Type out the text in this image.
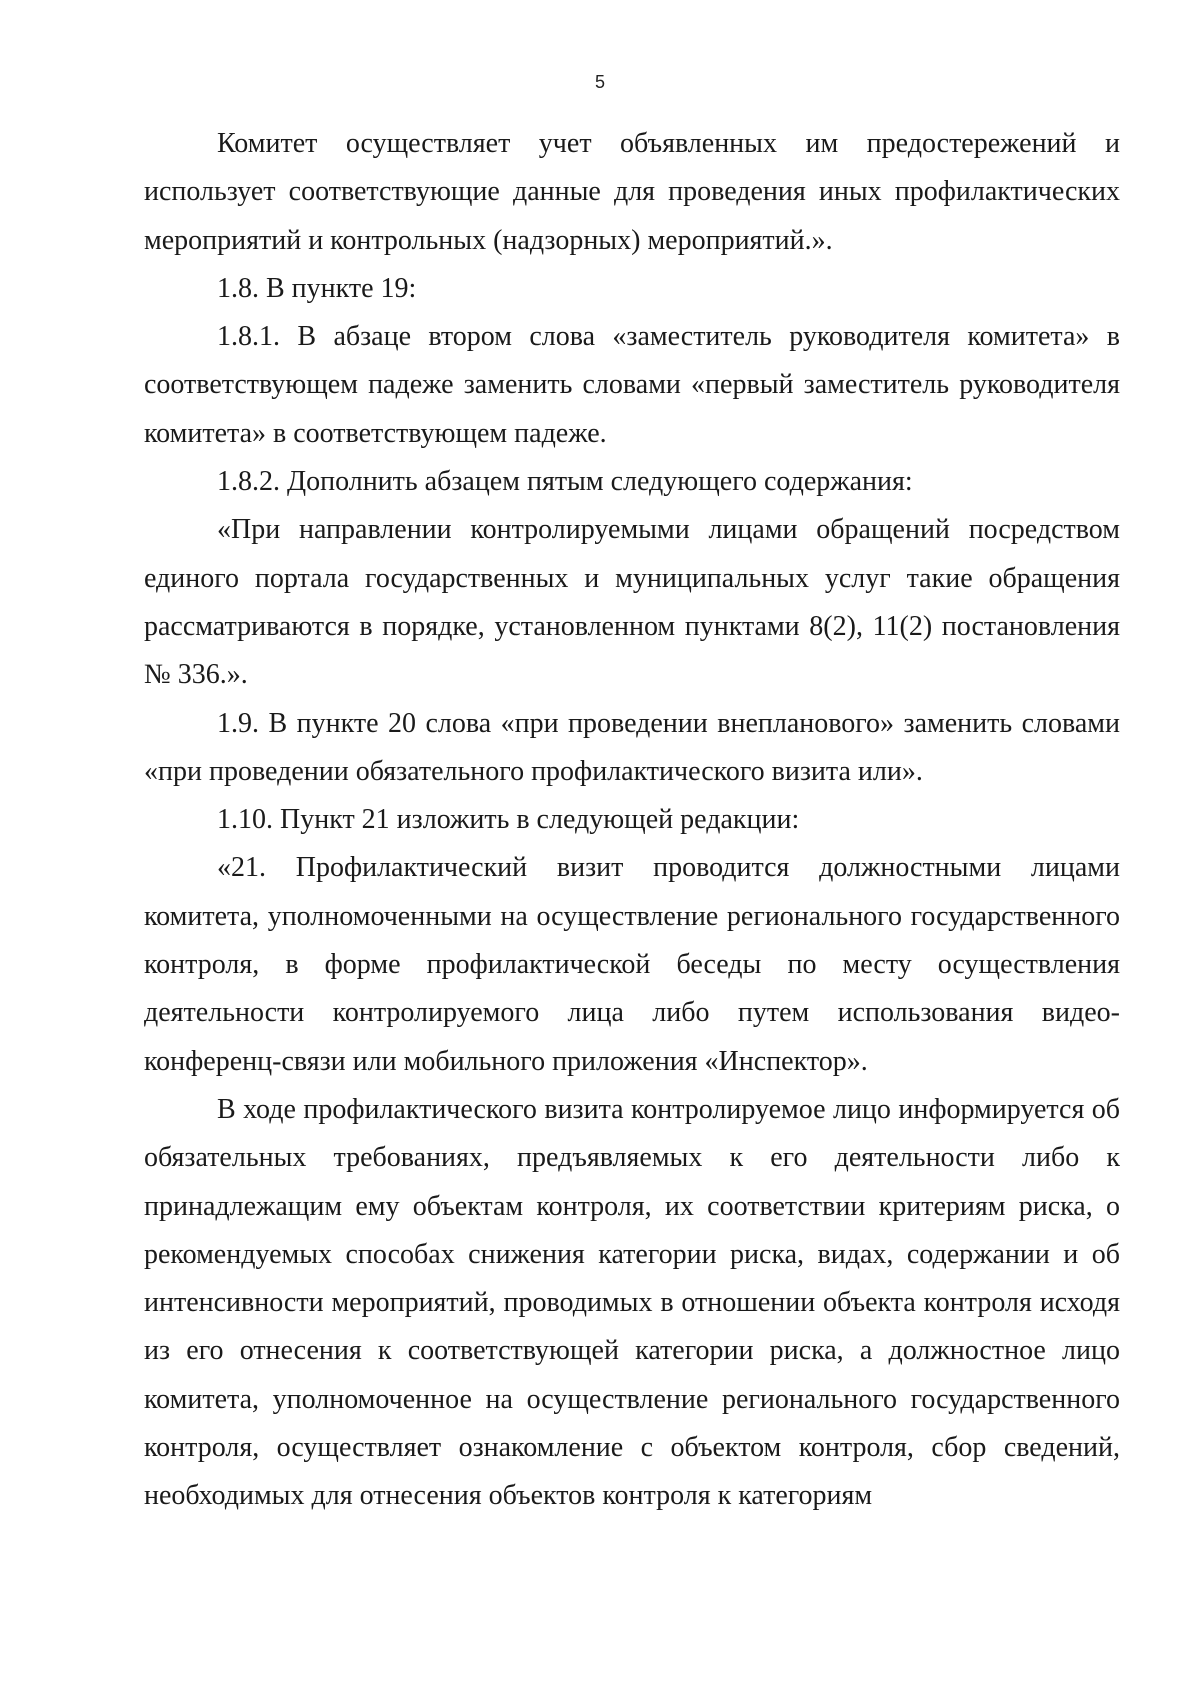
5

Комитет осуществляет учет объявленных им предостережений и использует соответствующие данные для проведения иных профилактических мероприятий и контрольных (надзорных) мероприятий.».

1.8. В пункте 19:

1.8.1. В абзаце втором слова «заместитель руководителя комитета» в соответствующем падеже заменить словами «первый заместитель руководителя комитета» в соответствующем падеже.

1.8.2. Дополнить абзацем пятым следующего содержания:

«При направлении контролируемыми лицами обращений посредством единого портала государственных и муниципальных услуг такие обращения рассматриваются в порядке, установленном пунктами 8(2), 11(2) постановления № 336.».

1.9. В пункте 20 слова «при проведении внепланового» заменить словами «при проведении обязательного профилактического визита или».

1.10. Пункт 21 изложить в следующей редакции:

«21. Профилактический визит проводится должностными лицами комитета, уполномоченными на осуществление регионального государственного контроля, в форме профилактической беседы по месту осуществления деятельности контролируемого лица либо путем использования видео-конференц-связи или мобильного приложения «Инспектор».

В ходе профилактического визита контролируемое лицо информируется об обязательных требованиях, предъявляемых к его деятельности либо к принадлежащим ему объектам контроля, их соответствии критериям риска, о рекомендуемых способах снижения категории риска, видах, содержании и об интенсивности мероприятий, проводимых в отношении объекта контроля исходя из его отнесения к соответствующей категории риска, а должностное лицо комитета, уполномоченное на осуществление регионального государственного контроля, осуществляет ознакомление с объектом контроля, сбор сведений, необходимых для отнесения объектов контроля к категориям
